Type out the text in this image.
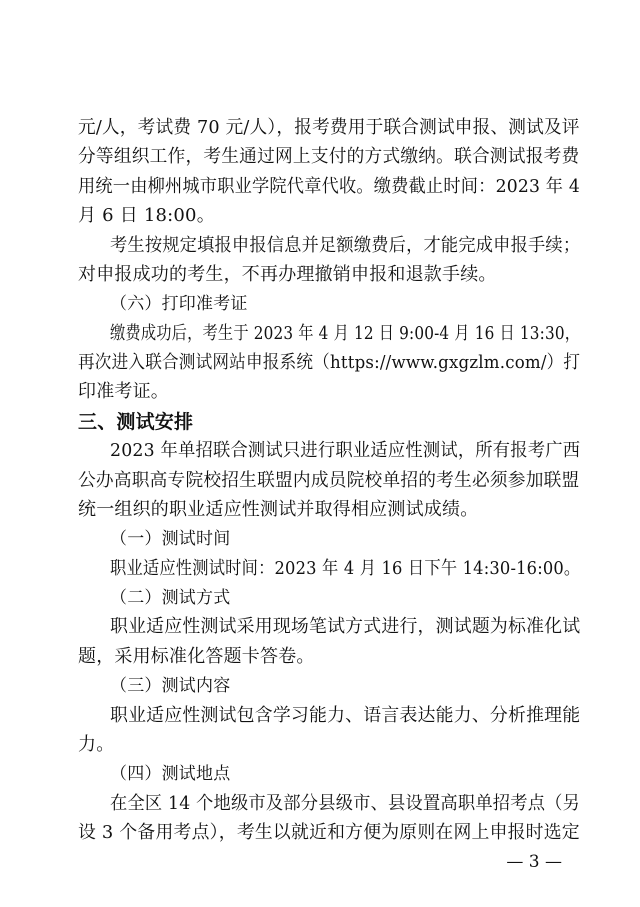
元/人，考试费 70 元/人），报考费用于联合测试申报、测试及评
分等组织工作，考生通过网上支付的方式缴纳。联合测试报考费
用统一由柳州城市职业学院代章代收。缴费截止时间：2023 年 4
月 6 日 18:00。
考生按规定填报申报信息并足额缴费后，才能完成申报手续；
对申报成功的考生，不再办理撤销申报和退款手续。
（六）打印准考证
缴费成功后，考生于 2023 年 4 月 12 日 9:00-4 月 16 日 13:30，
再次进入联合测试网站申报系统（https://www.gxgzlm.com/）打
印准考证。
三、测试安排
2023 年单招联合测试只进行职业适应性测试，所有报考广西
公办高职高专院校招生联盟内成员院校单招的考生必须参加联盟
统一组织的职业适应性测试并取得相应测试成绩。
（一）测试时间
职业适应性测试时间：2023 年 4 月 16 日下午 14:30-16:00。
（二）测试方式
职业适应性测试采用现场笔试方式进行，测试题为标准化试
题，采用标准化答题卡答卷。
（三）测试内容
职业适应性测试包含学习能力、语言表达能力、分析推理能
力。
（四）测试地点
在全区 14 个地级市及部分县级市、县设置高职单招考点（另
设 3 个备用考点），考生以就近和方便为原则在网上申报时选定
— 3 —
